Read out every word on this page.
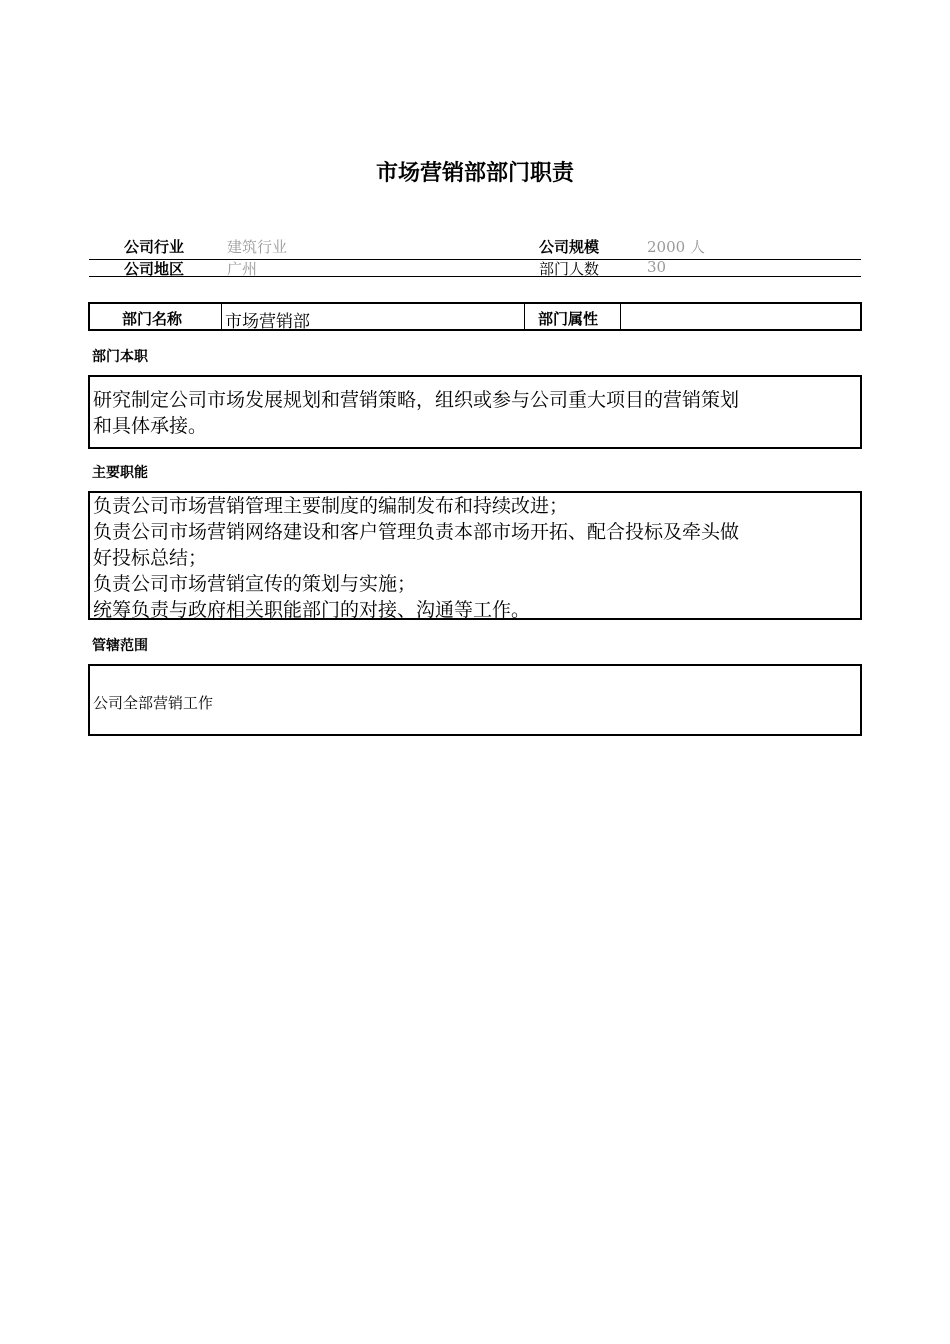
市场营销部部门职责
公司行业	建筑行业	公司规模	2000 人
公司地区	广州	部门人数	30
部门名称	市场营销部	部门属性
部门本职
研究制定公司市场发展规划和营销策略，组织或参与公司重大项目的营销策划
和具体承接。
主要职能
负责公司市场营销管理主要制度的编制发布和持续改进；
负责公司市场营销网络建设和客户管理负责本部市场开拓、配合投标及牵头做
好投标总结；
负责公司市场营销宣传的策划与实施；
统筹负责与政府相关职能部门的对接、沟通等工作。
管辖范围
公司全部营销工作
